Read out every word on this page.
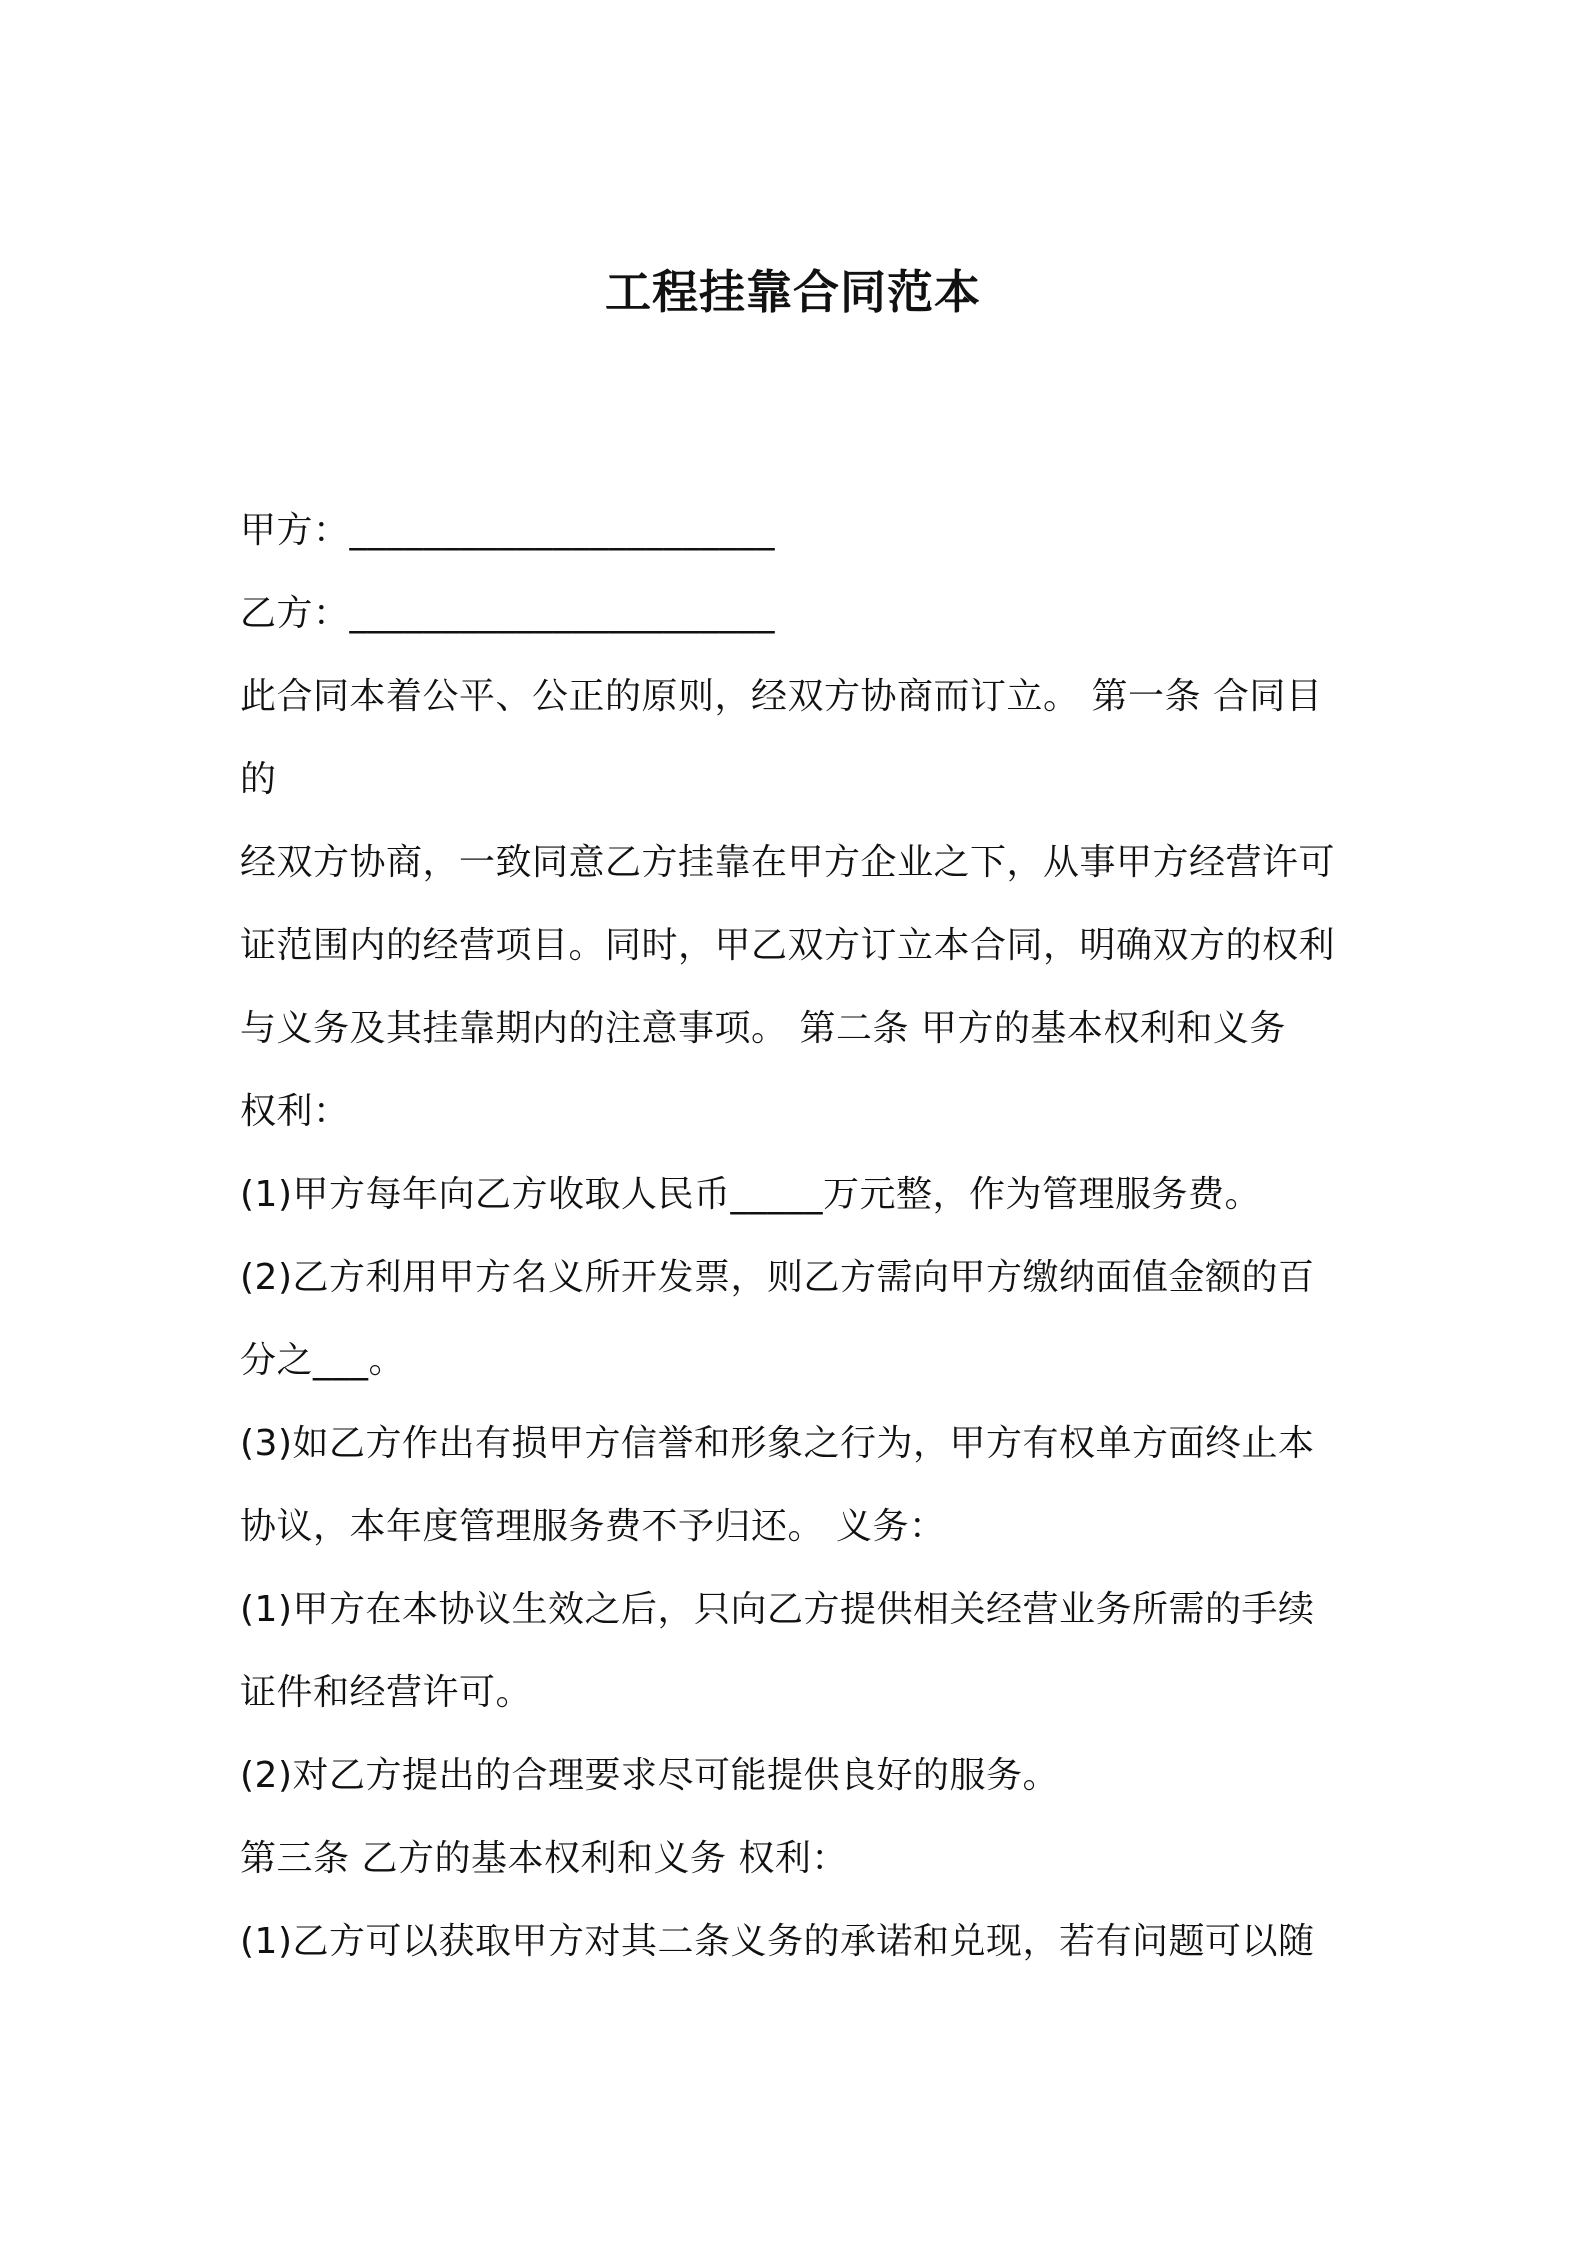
工程挂靠合同范本
甲方：_______________________
乙方：_______________________
此合同本着公平、公正的原则，经双方协商而订立。 第一条 合同目
的
经双方协商，一致同意乙方挂靠在甲方企业之下，从事甲方经营许可
证范围内的经营项目。同时，甲乙双方订立本合同，明确双方的权利
与义务及其挂靠期内的注意事项。 第二条 甲方的基本权利和义务
权利：
(1)甲方每年向乙方收取人民币_____万元整，作为管理服务费。
(2)乙方利用甲方名义所开发票，则乙方需向甲方缴纳面值金额的百
分之___。
(3)如乙方作出有损甲方信誉和形象之行为，甲方有权单方面终止本
协议，本年度管理服务费不予归还。 义务：
(1)甲方在本协议生效之后，只向乙方提供相关经营业务所需的手续
证件和经营许可。
(2)对乙方提出的合理要求尽可能提供良好的服务。
第三条 乙方的基本权利和义务 权利：
(1)乙方可以获取甲方对其二条义务的承诺和兑现，若有问题可以随
